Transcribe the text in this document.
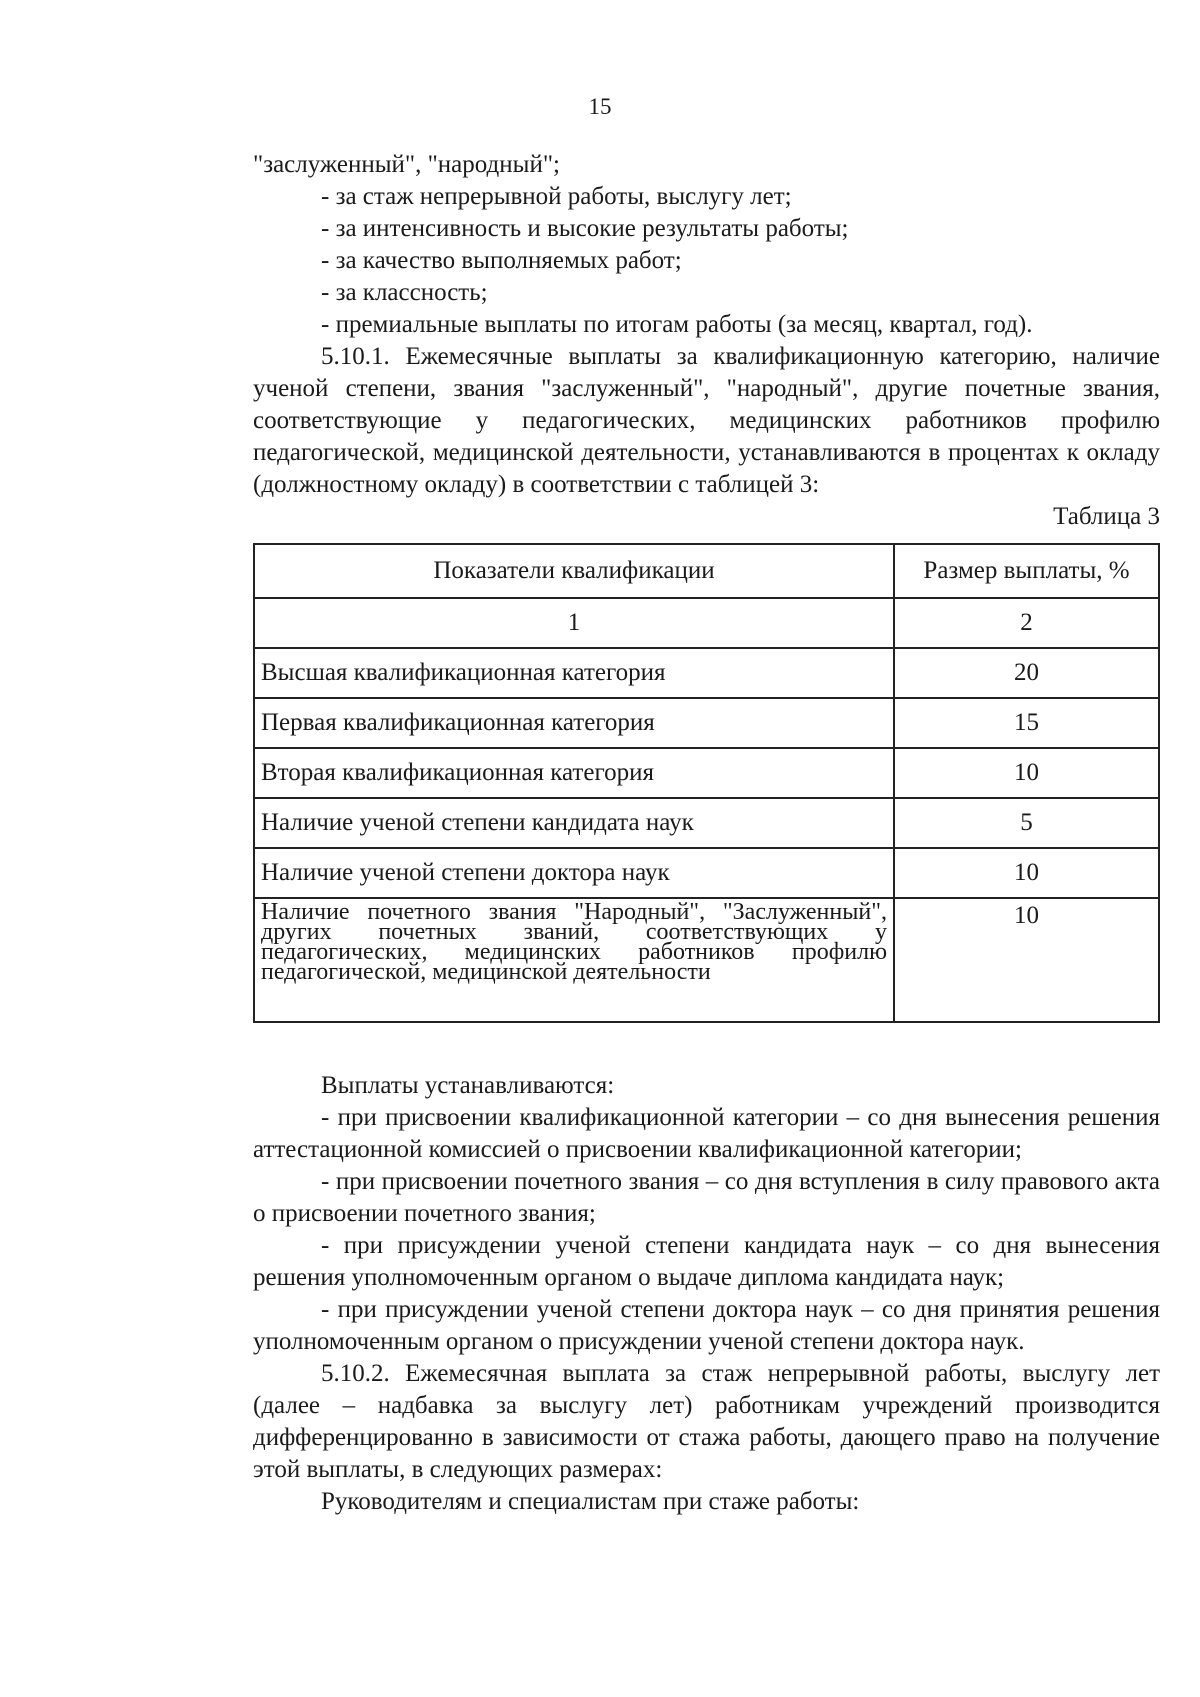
15

"заслуженный", "народный";

- за стаж непрерывной работы, выслугу лет;

- за интенсивность и высокие результаты работы;

- за качество выполняемых работ;

- за классность;

- премиальные выплаты по итогам работы (за месяц, квартал, год).

5.10.1. Ежемесячные выплаты за квалификационную категорию, наличие ученой степени, звания "заслуженный", "народный", другие почетные звания, соответствующие у педагогических, медицинских работников профилю педагогической, медицинской деятельности, устанавливаются в процентах к окладу (должностному окладу) в соответствии с таблицей 3:

Таблица 3

Показатели квалификации	Размер выплаты, %
1	2
Высшая квалификационная категория	20
Первая квалификационная категория	15
Вторая квалификационная категория	10
Наличие ученой степени кандидата наук	5
Наличие ученой степени доктора наук	10
Наличие почетного звания "Народный", "Заслуженный", других почетных званий, соответствующих у педагогических, медицинских работников профилю педагогической, медицинской деятельности	10

Выплаты устанавливаются:

- при присвоении квалификационной категории – со дня вынесения решения аттестационной комиссией о присвоении квалификационной категории;

- при присвоении почетного звания – со дня вступления в силу правового акта о присвоении почетного звания;

- при присуждении ученой степени кандидата наук – со дня вынесения решения уполномоченным органом о выдаче диплома кандидата наук;

- при присуждении ученой степени доктора наук – со дня принятия решения уполномоченным органом о присуждении ученой степени доктора наук.

5.10.2. Ежемесячная выплата за стаж непрерывной работы, выслугу лет (далее – надбавка за выслугу лет) работникам учреждений производится дифференцированно в зависимости от стажа работы, дающего право на получение этой выплаты, в следующих размерах:

Руководителям и специалистам при стаже работы:
